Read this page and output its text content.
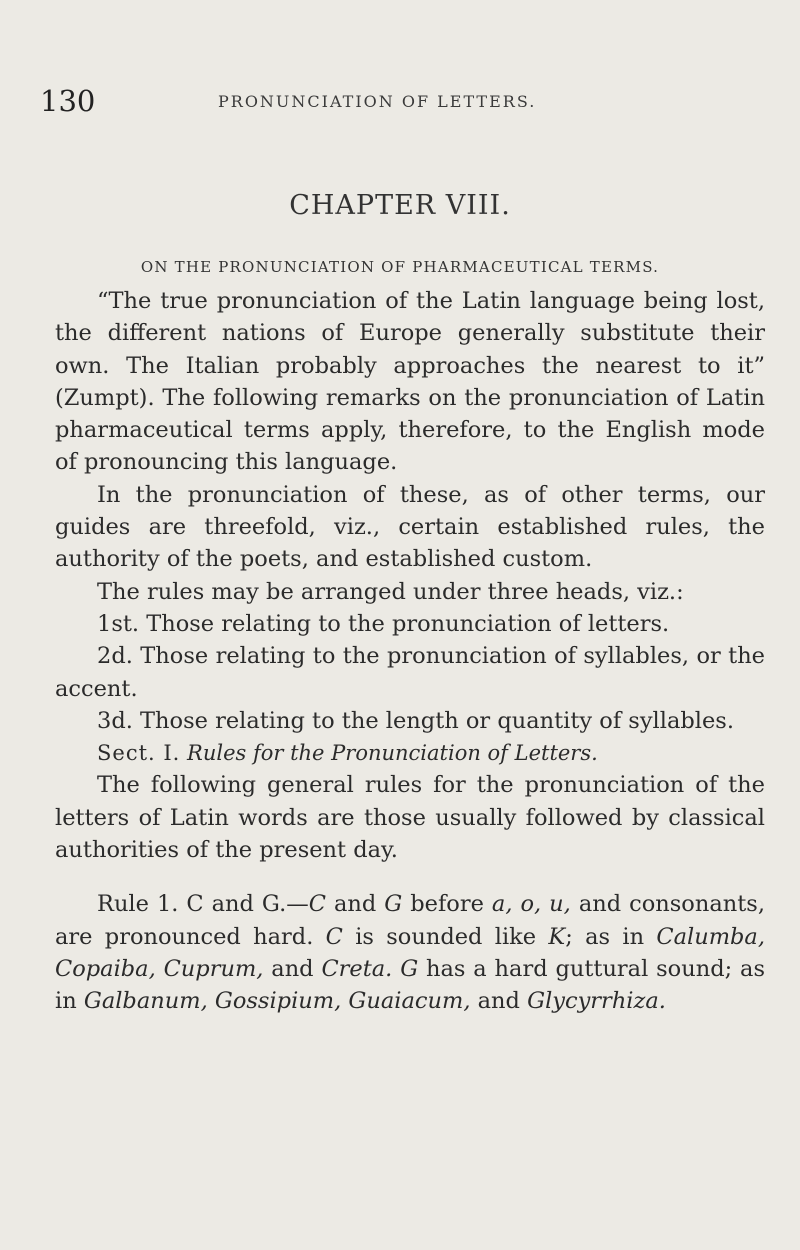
130	PRONUNCIATION OF LETTERS.
CHAPTER VIII.
ON THE PRONUNCIATION OF PHARMACEUTICAL TERMS.

“The true pronunciation of the Latin language being lost, the different nations of Europe generally substitute their own. The Italian probably approaches the nearest to it” (Zumpt). The following remarks on the pronunciation of Latin pharmaceutical terms apply, therefore, to the English mode of pronouncing this language.

In the pronunciation of these, as of other terms, our guides are threefold, viz., certain established rules, the authority of the poets, and established custom.

The rules may be arranged under three heads, viz.:

1st. Those relating to the pronunciation of letters.

2d. Those relating to the pronunciation of syllables, or the accent.

3d. Those relating to the length or quantity of syllables.

Sect. I. Rules for the Pronunciation of Letters.

The following general rules for the pronunciation of the letters of Latin words are those usually followed by classical authorities of the present day.

Rule 1. C and G.—C and G before a, o, u, and consonants, are pronounced hard. C is sounded like K; as in Calumba, Copaiba, Cuprum, and Creta. G has a hard guttural sound; as in Galbanum, Gossipium, Guaiacum, and Glycyrrhiza.
